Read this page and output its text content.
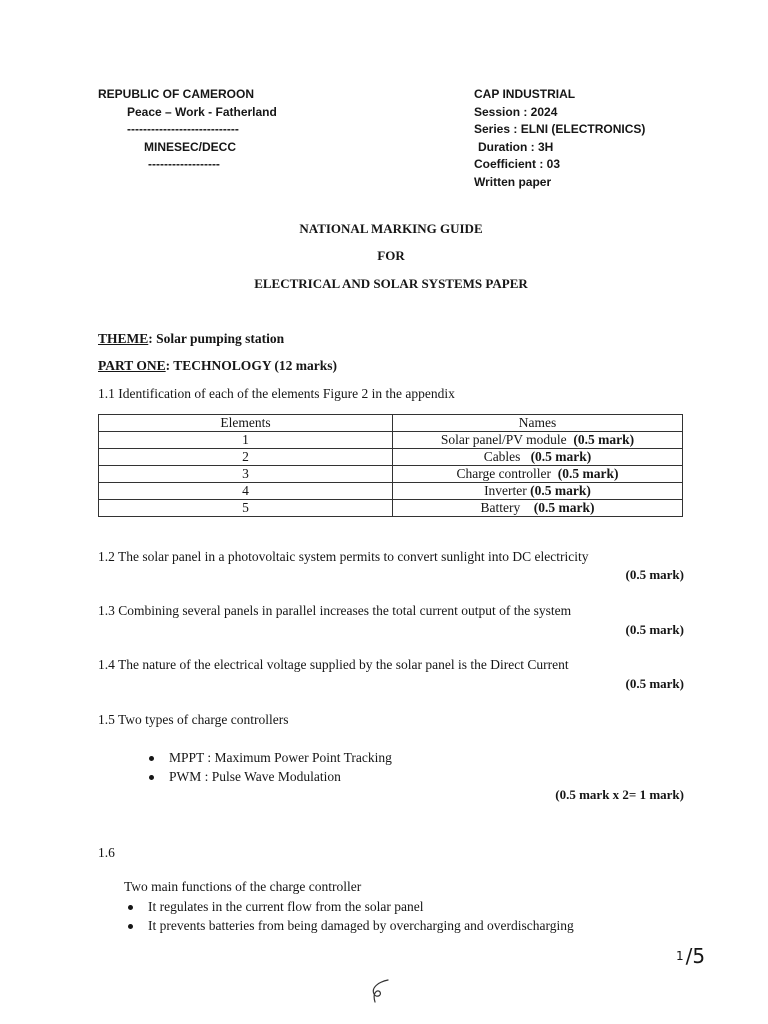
REPUBLIC OF CAMEROON
Peace – Work - Fatherland
----------------------------
MINESEC/DECC
------------------
CAP INDUSTRIAL
Session : 2024
Series : ELNI (ELECTRONICS)
Duration : 3H
Coefficient : 03
Written paper
NATIONAL MARKING GUIDE
FOR
ELECTRICAL AND SOLAR SYSTEMS PAPER
THEME: Solar pumping station
PART ONE: TECHNOLOGY (12 marks)
1.1 Identification of each of the elements Figure 2 in the appendix
Elements	Names
1	Solar panel/PV module (0.5 mark)
2	Cables (0.5 mark)
3	Charge controller (0.5 mark)
4	Inverter (0.5 mark)
5	Battery (0.5 mark)
1.2 The solar panel in a photovoltaic system permits to convert sunlight into DC electricity
(0.5 mark)
1.3 Combining several panels in parallel increases the total current output of the system
(0.5 mark)
1.4 The nature of the electrical voltage supplied by the solar panel is the Direct Current
(0.5 mark)
1.5 Two types of charge controllers
MPPT : Maximum Power Point Tracking
PWM : Pulse Wave Modulation
(0.5 mark x 2= 1 mark)
1.6
Two main functions of the charge controller
It regulates in the current flow from the solar panel
It prevents batteries from being damaged by overcharging and overdischarging
1 /5
